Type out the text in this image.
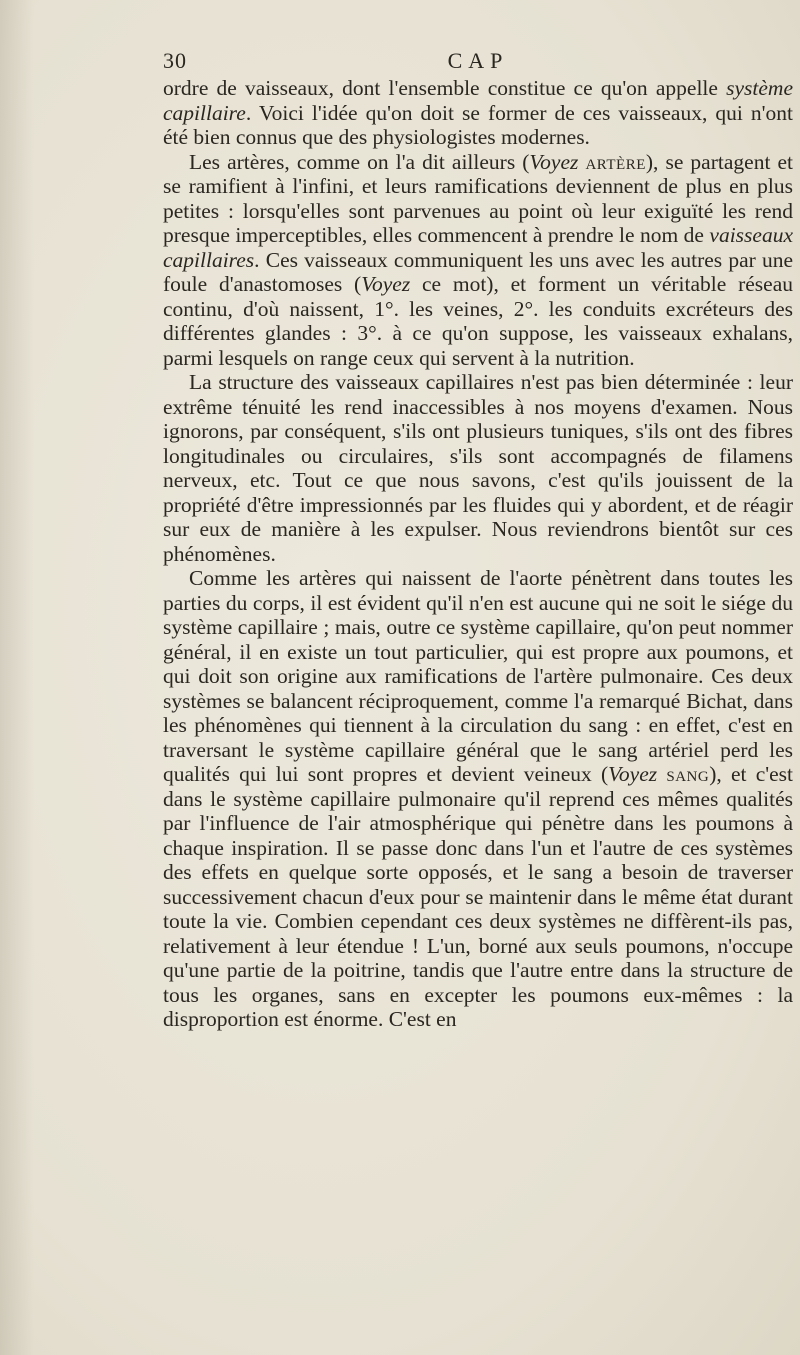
30	CAP

ordre de vaisseaux, dont l'ensemble constitue ce qu'on appelle système capillaire. Voici l'idée qu'on doit se former de ces vaisseaux, qui n'ont été bien connus que des physiologistes modernes.

Les artères, comme on l'a dit ailleurs (Voyez artère), se partagent et se ramifient à l'infini, et leurs ramifications deviennent de plus en plus petites : lorsqu'elles sont parvenues au point où leur exiguïté les rend presque imperceptibles, elles commencent à prendre le nom de vaisseaux capillaires. Ces vaisseaux communiquent les uns avec les autres par une foule d'anastomoses (Voyez ce mot), et forment un véritable réseau continu, d'où naissent, 1°. les veines, 2°. les conduits excréteurs des différentes glandes : 3°. à ce qu'on suppose, les vaisseaux exhalans, parmi lesquels on range ceux qui servent à la nutrition.

La structure des vaisseaux capillaires n'est pas bien déterminée : leur extrême ténuité les rend inaccessibles à nos moyens d'examen. Nous ignorons, par conséquent, s'ils ont plusieurs tuniques, s'ils ont des fibres longitudinales ou circulaires, s'ils sont accompagnés de filamens nerveux, etc. Tout ce que nous savons, c'est qu'ils jouissent de la propriété d'être impressionnés par les fluides qui y abordent, et de réagir sur eux de manière à les expulser. Nous reviendrons bientôt sur ces phénomènes.

Comme les artères qui naissent de l'aorte pénètrent dans toutes les parties du corps, il est évident qu'il n'en est aucune qui ne soit le siége du système capillaire ; mais, outre ce système capillaire, qu'on peut nommer général, il en existe un tout particulier, qui est propre aux poumons, et qui doit son origine aux ramifications de l'artère pulmonaire. Ces deux systèmes se balancent réciproquement, comme l'a remarqué Bichat, dans les phénomènes qui tiennent à la circulation du sang : en effet, c'est en traversant le système capillaire général que le sang artériel perd les qualités qui lui sont propres et devient veineux (Voyez sang), et c'est dans le système capillaire pulmonaire qu'il reprend ces mêmes qualités par l'influence de l'air atmosphérique qui pénètre dans les poumons à chaque inspiration. Il se passe donc dans l'un et l'autre de ces systèmes des effets en quelque sorte opposés, et le sang a besoin de traverser successivement chacun d'eux pour se maintenir dans le même état durant toute la vie. Combien cependant ces deux systèmes ne diffèrent-ils pas, relativement à leur étendue ! L'un, borné aux seuls poumons, n'occupe qu'une partie de la poitrine, tandis que l'autre entre dans la structure de tous les organes, sans en excepter les poumons eux-mêmes : la disproportion est énorme. C'est en
